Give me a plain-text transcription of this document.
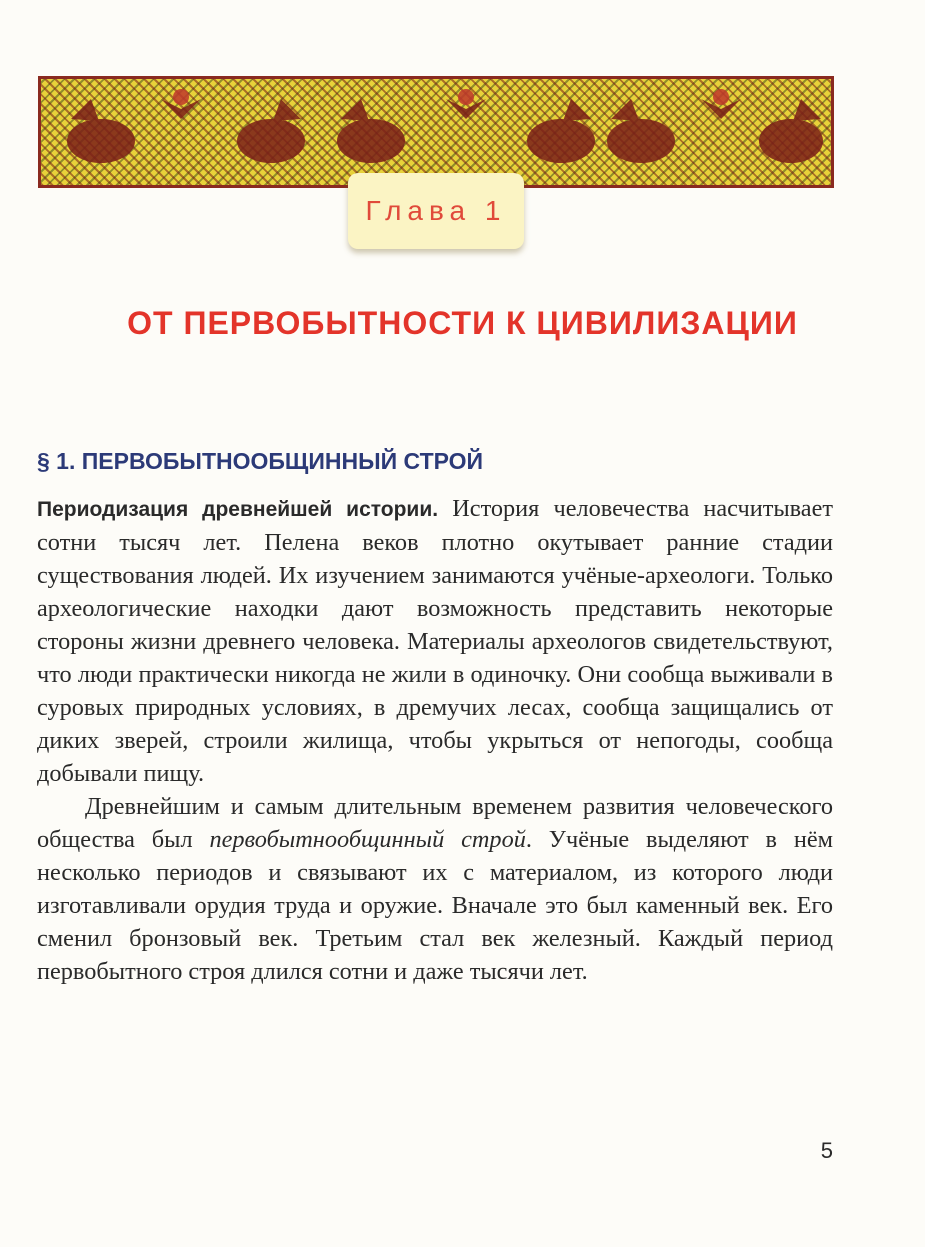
Глава 1
ОТ ПЕРВОБЫТНОСТИ К ЦИВИЛИЗАЦИИ
§ 1. ПЕРВОБЫТНООБЩИННЫЙ СТРОЙ

Периодизация древнейшей истории. История человечества насчитывает сотни тысяч лет. Пелена веков плотно окутывает ранние стадии существования людей. Их изучением занимаются учёные-археологи. Только археологические находки дают возможность представить некоторые стороны жизни древнего человека. Материалы археологов свидетельствуют, что люди практически никогда не жили в одиночку. Они сообща выживали в суровых природных условиях, в дремучих лесах, сообща защищались от диких зверей, строили жилища, чтобы укрыться от непогоды, сообща добывали пищу.

Древнейшим и самым длительным временем развития человеческого общества был первобытнообщинный строй. Учёные выделяют в нём несколько периодов и связывают их с материалом, из которого люди изготавливали орудия труда и оружие. Вначале это был каменный век. Его сменил бронзовый век. Третьим стал век железный. Каждый период первобытного строя длился сотни и даже тысячи лет.

5
